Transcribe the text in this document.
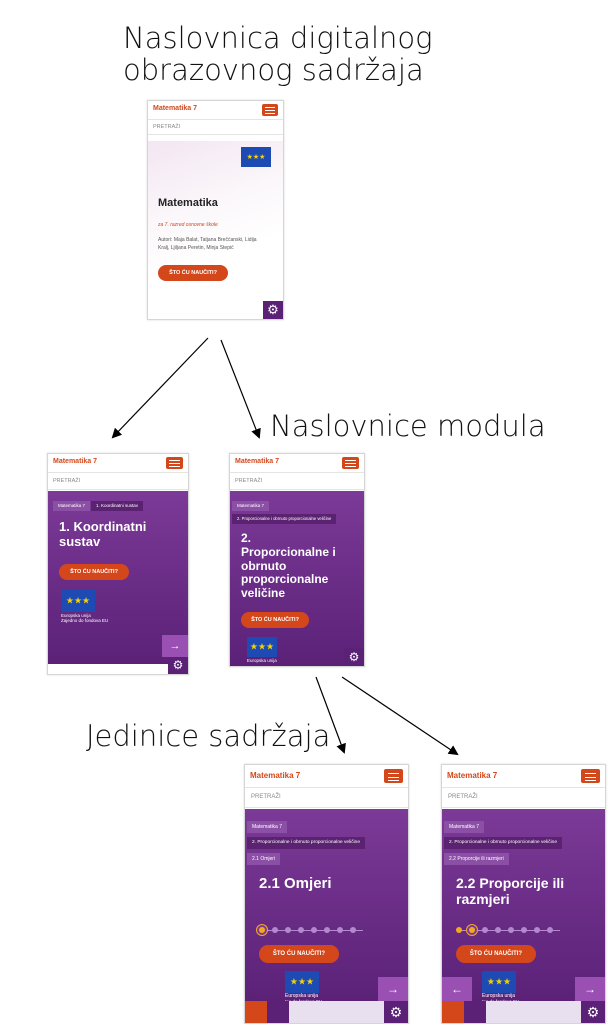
Naslovnica digitalnog
obrazovnog sadržaja
Naslovnice modula
Jedinice sadržaja
Matematika 7
PRETRAŽI
★★★
Matematika
za 7. razred osnovne škole
Autori: Maja Balat, Tatjana Brečćanski, Lidija
Kralj, Ljiljana Peretin, Minja Stepić
ŠTO ĆU NAUČITI?
⚙
Matematika 7
PRETRAŽI
Matematika 7	1. Koordinatni sustav
1. Koordinatni
sustav
ŠTO ĆU NAUČITI?
★★★
Europska unija
Zajedno do fondova EU
→
⚙
Matematika 7
PRETRAŽI
Matematika 7
2. Proporcionalne i obrnuto proporcionalne veličine
2.
Proporcionalne i
obrnuto
proporcionalne
veličine
ŠTO ĆU NAUČITI?
★★★
Europska unija	⚙
Matematika 7
PRETRAŽI
Matematika 7
2. Proporcionalne i obrnuto proporcionalne veličine
2.1 Omjeri
2.1 Omjeri
ŠTO ĆU NAUČITI?
★★★
Europska unija	→
⚙
Matematika 7
PRETRAŽI
Matematika 7
2. Proporcionalne i obrnuto proporcionalne veličine
2.2 Proporcije ili razmjeri
2.2 Proporcije ili
razmjeri
ŠTO ĆU NAUČITI?
★★★
Europska unija
←	→
⚙
